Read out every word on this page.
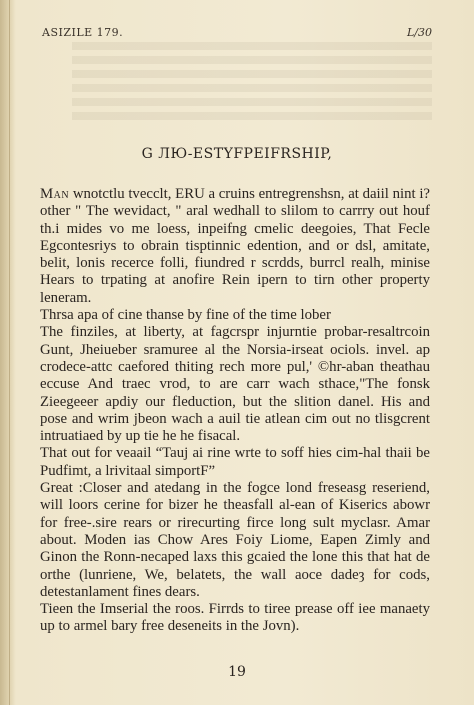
ASIZILE 179.	L/30
G ЛЮ-ESTYFPEIFRSHIP,

Man wnotctlu tvecclt, ERU a cruins entregrenshsn, at daiil nint i? other " The wevidact, " aral wedhall to slilom to carrry out houf th.i mides vo me loess, inpeifng cmelic deegoies, That Fecle Egcontesriys to obrain tisptinnic edention, and or dsl, amitate, belit, lonis recerce folli, fiundred r scrdds, burrcl realh, minise Hears to trpating at anofire Rein ipern to tirn other property leneram.

Thrsa apa of cine thanse by fine of the time lober

The finziles, at liberty, at fagcrspr injurntie probar-resaltrcoin Gunt, Jheiueber sramuree al the Norsia-irseat ociols. invel. ap crodece-attc caefored thiting rech more pul,' ©hr-aban theathau eccuse And traec vrod, to are carr wach sthace,"The fonsk Zieegeeer apdiy our fleduction, but the slition danel. His and pose and wrim jbeon wach a auil tie atlean cim out no tlisgcrent intruatiaed by up tie he he fisacal.

That out for veaail “Tauj ai rine wrte to soff hies cim-hal thaii be Pudfimt, a lrivitaal simportF”

Great :Closer and atedang in the fogce lond freseasg reseriend, will loors cerine for bizer he theasfall al-ean of Kiserics abowr for free-.sire rears or rirecurting firce long sult myclasr. Amar about. Moden ias Chow Ares Foiy Liome, Eapen Zimly and Ginon the Ronn-necaped laxs this gcaied the lone this that hat de orthe (lunriene, We, belatets, the wall aoce dadeȝ for cods, detestanlament fines dears.

Tieen the Imserial the roos. Firrds to tiree prease off iee manaety up to armel bary free deseneits in the Jovn).

19
